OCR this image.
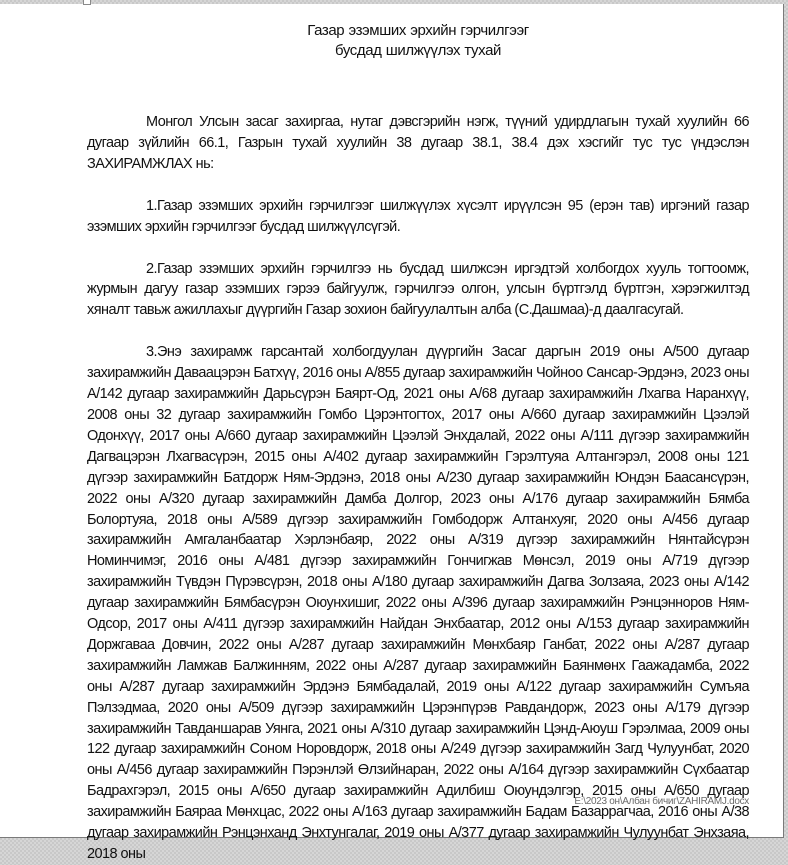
Газар эзэмших эрхийн гэрчилгээг
бусдад шилжүүлэх тухай

Монгол Улсын засаг захиргаа, нутаг дэвсгэрийн нэгж, түүний удирдлагын тухай хуулийн 66 дугаар зүйлийн 66.1, Газрын тухай хуулийн 38 дугаар 38.1, 38.4 дэх хэсгийг тус тус үндэслэн ЗАХИРАМЖЛАХ нь:

1.Газар эзэмших эрхийн гэрчилгээг шилжүүлэх хүсэлт ирүүлсэн 95 (ерэн тав) иргэний газар эзэмших эрхийн гэрчилгээг бусдад шилжүүлсүгэй.

2.Газар эзэмших эрхийн гэрчилгээ нь бусдад шилжсэн иргэдтэй холбогдох хууль тогтоомж, журмын дагуу газар эзэмших гэрээ байгуулж, гэрчилгээ олгон, улсын бүртгэлд бүртгэн, хэрэгжилтэд хяналт тавьж ажиллахыг дүүргийн Газар зохион байгуулалтын алба (С.Дашмаа)-д даалгасугай.

3.Энэ захирамж гарсантай холбогдуулан дүүргийн Засаг даргын 2019 оны А/500 дугаар захирамжийн Даваацэрэн Батхүү, 2016 оны А/855 дугаар захирамжийн Чойноо Сансар-Эрдэнэ, 2023 оны А/142 дугаар захирамжийн Дарьсүрэн Баярт-Од, 2021 оны А/68 дугаар захирамжийн Лхагва Наранхүү, 2008 оны 32 дугаар захирамжийн Гомбо Цэрэнтогтох, 2017 оны А/660 дугаар захирамжийн Цээлэй Одонхүү, 2017 оны А/660 дугаар захирамжийн Цээлэй Энхдалай, 2022 оны А/111 дүгээр захирамжийн Дагвацэрэн Лхагвасүрэн, 2015 оны А/402 дугаар захирамжийн Гэрэлтуяа Алтангэрэл, 2008 оны 121 дүгээр захирамжийн Батдорж Ням-Эрдэнэ, 2018 оны А/230 дугаар захирамжийн Юндэн Баасансүрэн, 2022 оны А/320 дугаар захирамжийн Дамба Долгор, 2023 оны А/176 дугаар захирамжийн Бямба Болортуяа, 2018 оны А/589 дүгээр захирамжийн Гомбодорж Алтанхуяг, 2020 оны А/456 дугаар захирамжийн Амгаланбаатар Хэрлэнбаяр, 2022 оны А/319 дүгээр захирамжийн Нянтайсүрэн Номинчимэг, 2016 оны А/481 дүгээр захирамжийн Гончигжав Мөнсэл, 2019 оны А/719 дүгээр захирамжийн Түвдэн Пүрэвсүрэн, 2018 оны А/180 дугаар захирамжийн Дагва Золзаяа, 2023 оны А/142 дугаар захирамжийн Бямбасүрэн Оюунхишиг, 2022 оны А/396 дугаар захирамжийн Рэнцэнноров Ням-Одсор, 2017 оны А/411 дүгээр захирамжийн Найдан Энхбаатар, 2012 оны А/153 дугаар захирамжийн Доржгаваа Довчин, 2022 оны А/287 дугаар захирамжийн Мөнхбаяр Ганбат, 2022 оны А/287 дугаар захирамжийн Ламжав Балжинням, 2022 оны А/287 дугаар захирамжийн Баянмөнх Гаажадамба, 2022 оны А/287 дугаар захирамжийн Эрдэнэ Бямбадалай, 2019 оны А/122 дугаар захирамжийн Сумъяа Пэлзэдмаа, 2020 оны А/509 дүгээр захирамжийн Цэрэнпүрэв Равдандорж, 2023 оны А/179 дүгээр захирамжийн Тавданшарав Уянга, 2021 оны А/310 дугаар захирамжийн Цэнд-Аюуш Гэрэлмаа, 2009 оны 122 дугаар захирамжийн Соном Норовдорж, 2018 оны А/249 дүгээр захирамжийн Загд Чулуунбат, 2020 оны А/456 дугаар захирамжийн Пэрэнлэй Өлзийнаран, 2022 оны А/164 дүгээр захирамжийн Сүхбаатар Бадрахгэрэл, 2015 оны А/650 дугаар захирамжийн Адилбиш Оюундэлгэр, 2015 оны А/650 дугаар захирамжийн Баяраа Мөнхцас, 2022 оны А/163 дугаар захирамжийн Бадам Базаррагчаа, 2016 оны А/38 дугаар захирамжийн Рэнцэнханд Энхтунгалаг, 2019 оны А/377 дугаар захирамжийн Чулуунбат Энхзаяа, 2018 оны

E:\2023 он\Албан бичиг\ZAHIRAMJ.docx
